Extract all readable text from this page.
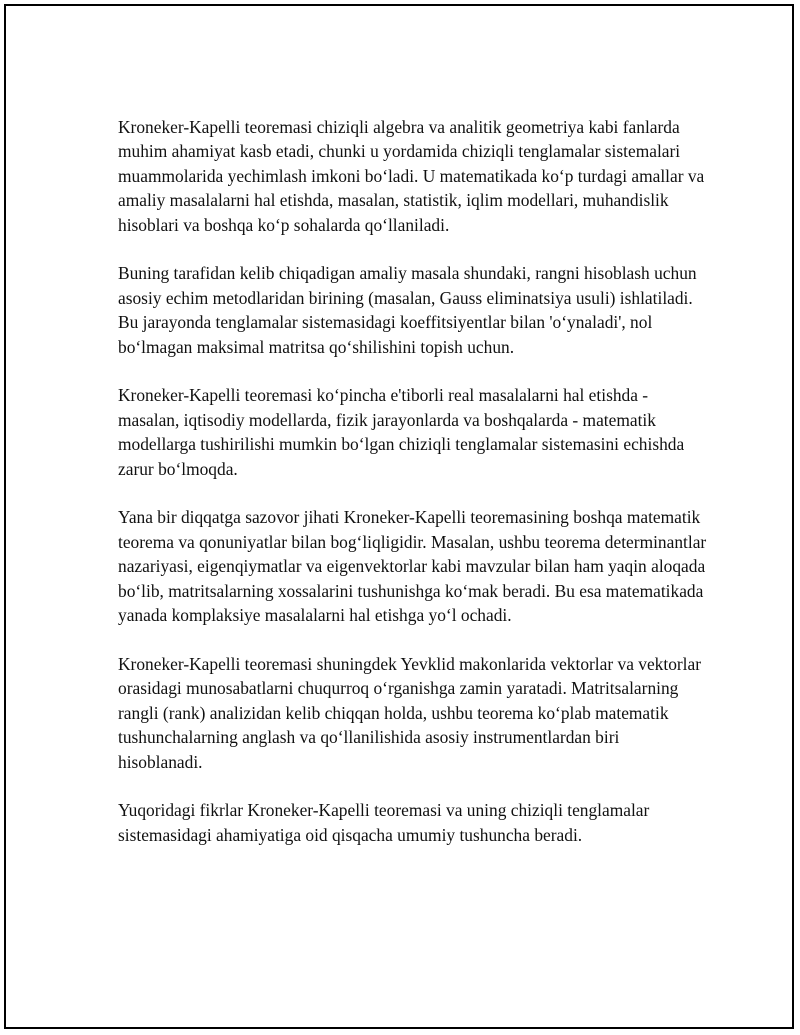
Kroneker-Kapelli teoremasi chiziqli algebra va analitik geometriya kabi fanlarda muhim ahamiyat kasb etadi, chunki u yordamida chiziqli tenglamalar sistemalari muammolarida yechimlash imkoni bo‘ladi. U matematikada ko‘p turdagi amallar va amaliy masalalarni hal etishda, masalan, statistik, iqlim modellari, muhandislik hisoblari va boshqa ko‘p sohalarda qo‘llaniladi.

Buning tarafidan kelib chiqadigan amaliy masala shundaki, rangni hisoblash uchun asosiy echim metodlaridan birining (masalan, Gauss eliminatsiya usuli) ishlatiladi. Bu jarayonda tenglamalar sistemasidagi koeffitsiyentlar bilan 'o‘ynaladi', nol bo‘lmagan maksimal matritsa qo‘shilishini topish uchun.

Kroneker-Kapelli teoremasi ko‘pincha e'tiborli real masalalarni hal etishda - masalan, iqtisodiy modellarda, fizik jarayonlarda va boshqalarda - matematik modellarga tushirilishi mumkin bo‘lgan chiziqli tenglamalar sistemasini echishda zarur bo‘lmoqda.

Yana bir diqqatga sazovor jihati Kroneker-Kapelli teoremasining boshqa matematik teorema va qonuniyatlar bilan bog‘liqligidir. Masalan, ushbu teorema determinantlar nazariyasi, eigenqiymatlar va eigenvektorlar kabi mavzular bilan ham yaqin aloqada bo‘lib, matritsalarning xossalarini tushunishga ko‘mak beradi. Bu esa matematikada yanada komplaksiye masalalarni hal etishga yo‘l ochadi.

Kroneker-Kapelli teoremasi shuningdek Yevklid makonlarida vektorlar va vektorlar orasidagi munosabatlarni chuqurroq o‘rganishga zamin yaratadi. Matritsalarning rangli (rank) analizidan kelib chiqqan holda, ushbu teorema ko‘plab matematik tushunchalarning anglash va qo‘llanilishida asosiy instrumentlardan biri hisoblanadi.

Yuqoridagi fikrlar Kroneker-Kapelli teoremasi va uning chiziqli tenglamalar sistemasidagi ahamiyatiga oid qisqacha umumiy tushuncha beradi.
